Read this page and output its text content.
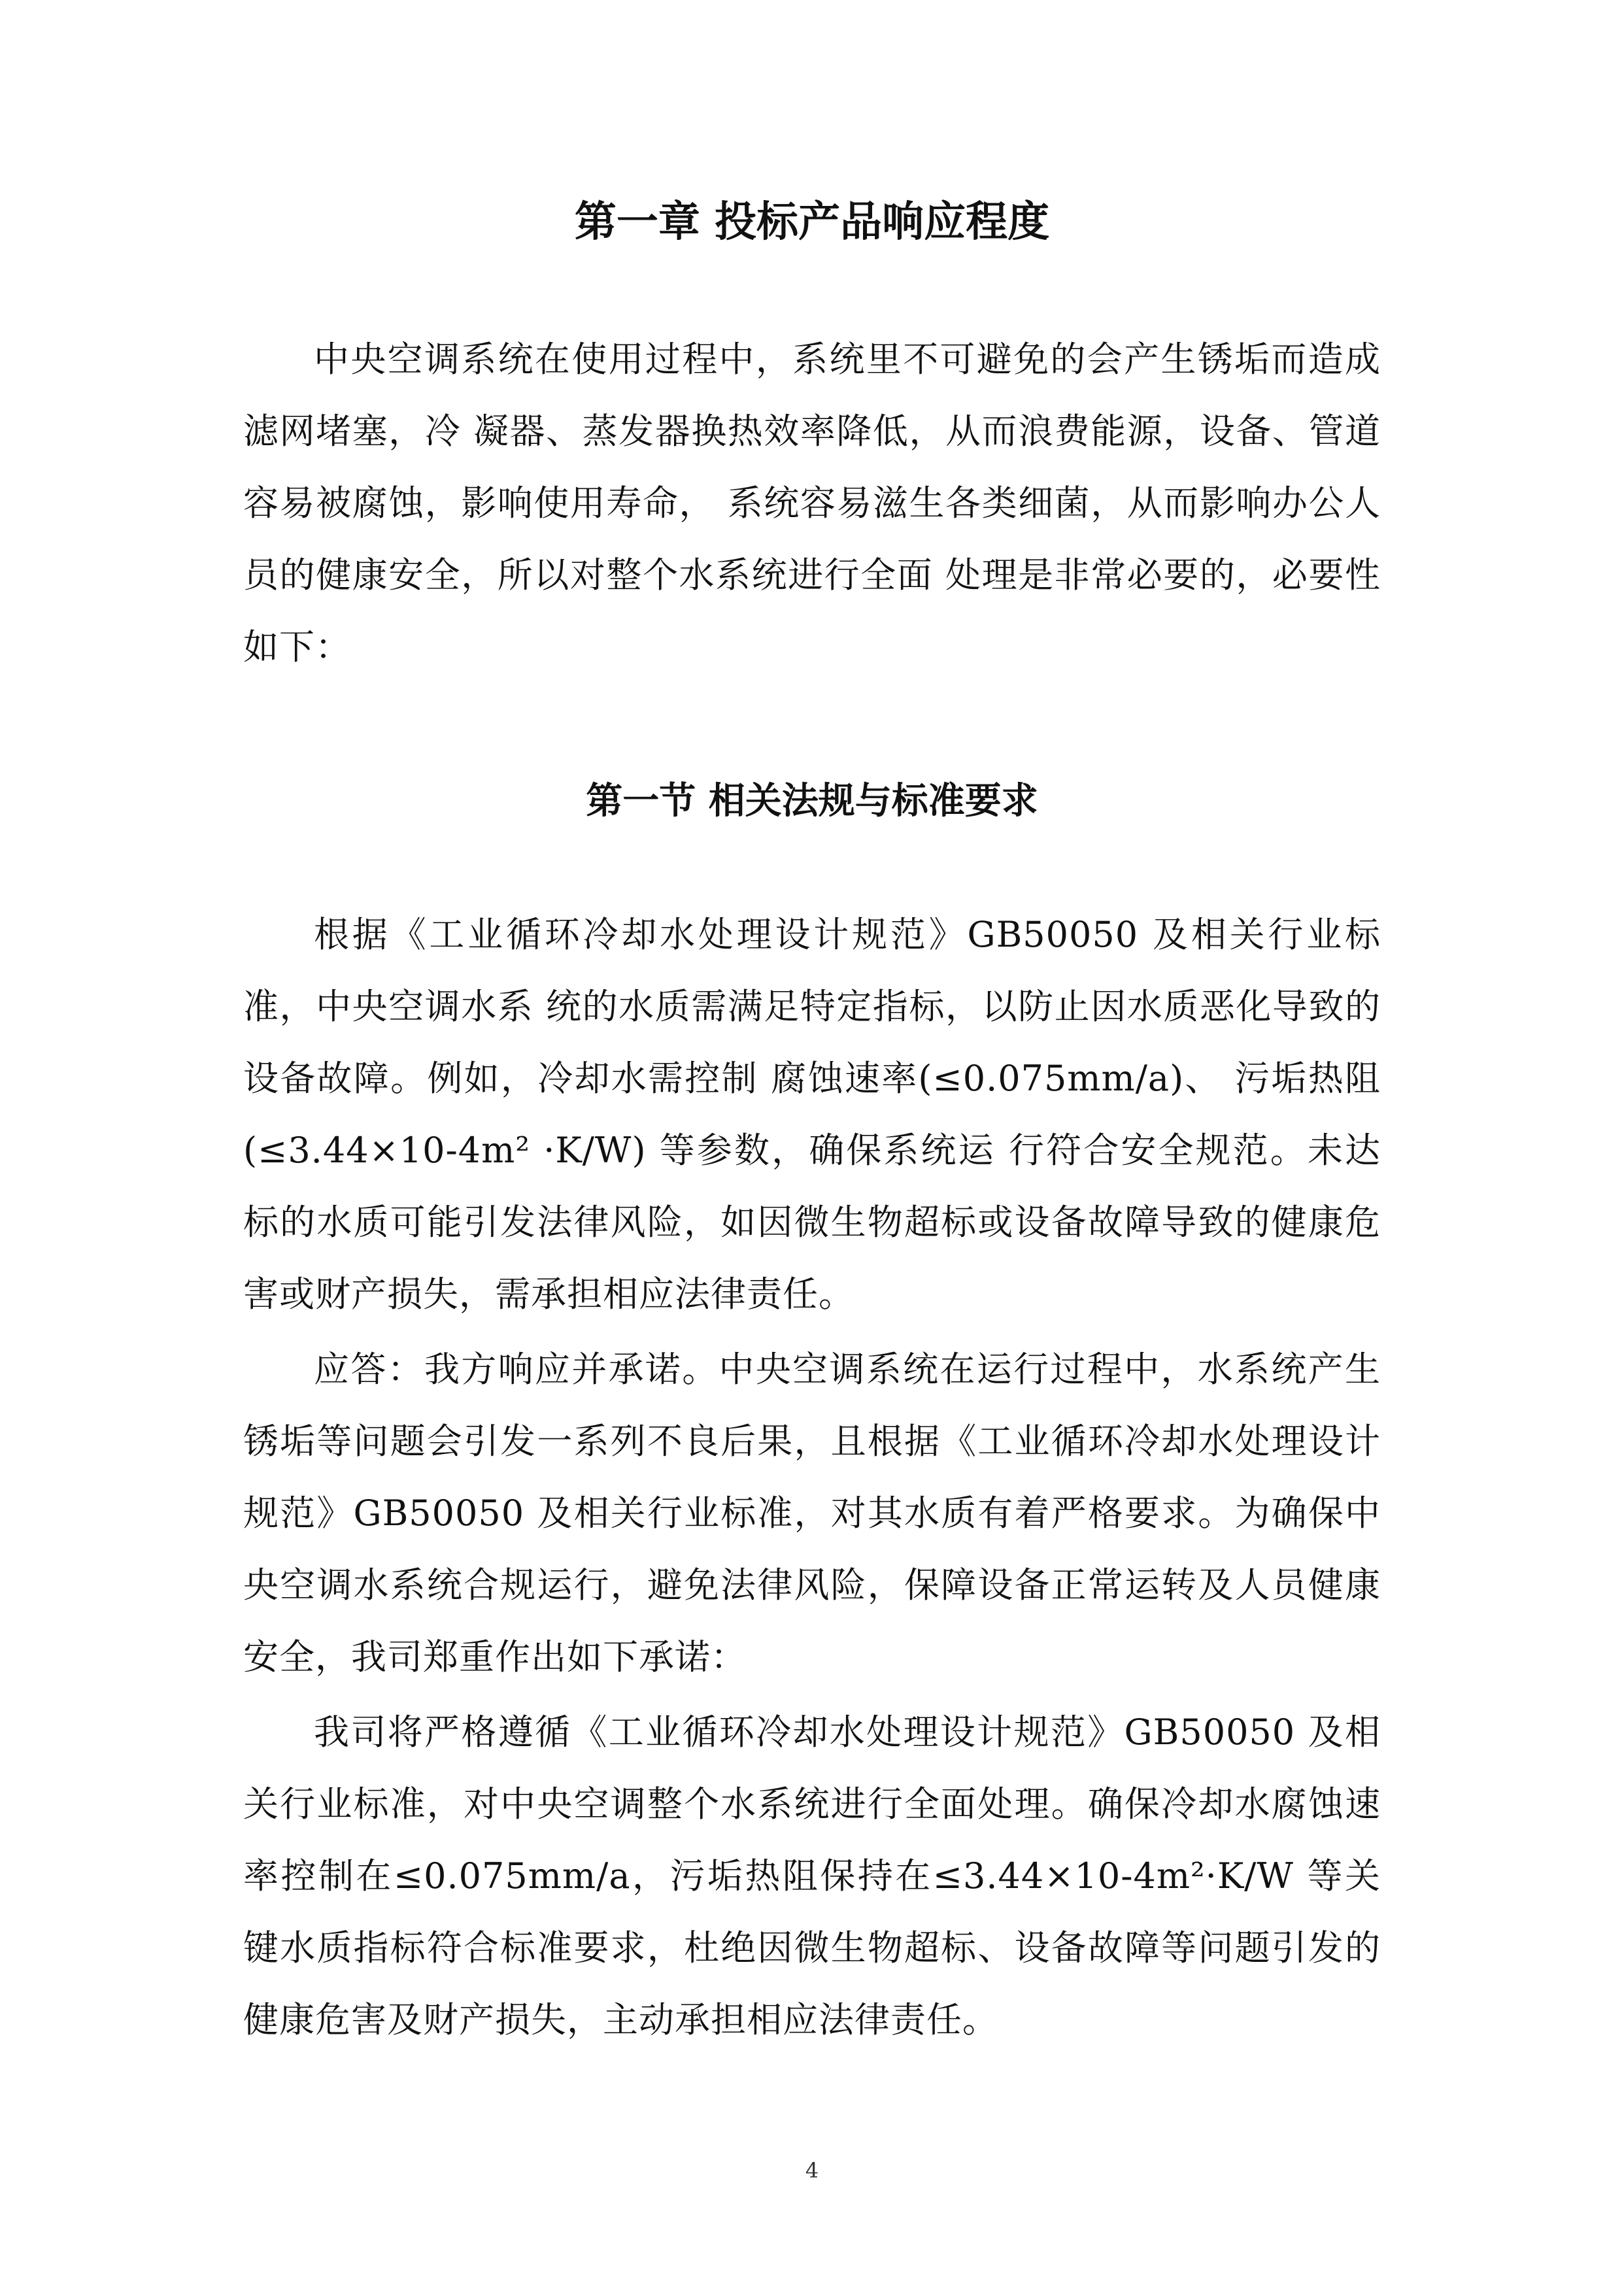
第一章 投标产品响应程度

中央空调系统在使用过程中，系统里不可避免的会产生锈垢而造成滤网堵塞，冷 凝器、蒸发器换热效率降低，从而浪费能源，设备、管道容易被腐蚀，影响使用寿命， 系统容易滋生各类细菌，从而影响办公人员的健康安全，所以对整个水系统进行全面 处理是非常必要的，必要性如下：

第一节 相关法规与标准要求

根据《工业循环冷却水处理设计规范》GB50050 及相关行业标准，中央空调水系 统的水质需满足特定指标，以防止因水质恶化导致的设备故障。例如，冷却水需控制 腐蚀速率(≤0.075mm/a)、 污垢热阻(≤3.44×10-4m² ·K/W) 等参数，确保系统运 行符合安全规范。未达标的水质可能引发法律风险，如因微生物超标或设备故障导致的健康危害或财产损失，需承担相应法律责任。

应答：我方响应并承诺。中央空调系统在运行过程中，水系统产生锈垢等问题会引发一系列不良后果，且根据《工业循环冷却水处理设计规范》GB50050 及相关行业标准，对其水质有着严格要求。为确保中央空调水系统合规运行，避免法律风险，保障设备正常运转及人员健康安全，我司郑重作出如下承诺：

我司将严格遵循《工业循环冷却水处理设计规范》GB50050 及相关行业标准，对中央空调整个水系统进行全面处理。确保冷却水腐蚀速率控制在≤0.075mm/a，污垢热阻保持在≤3.44×10-4m²·K/W 等关键水质指标符合标准要求，杜绝因微生物超标、设备故障等问题引发的健康危害及财产损失，主动承担相应法律责任。

4
